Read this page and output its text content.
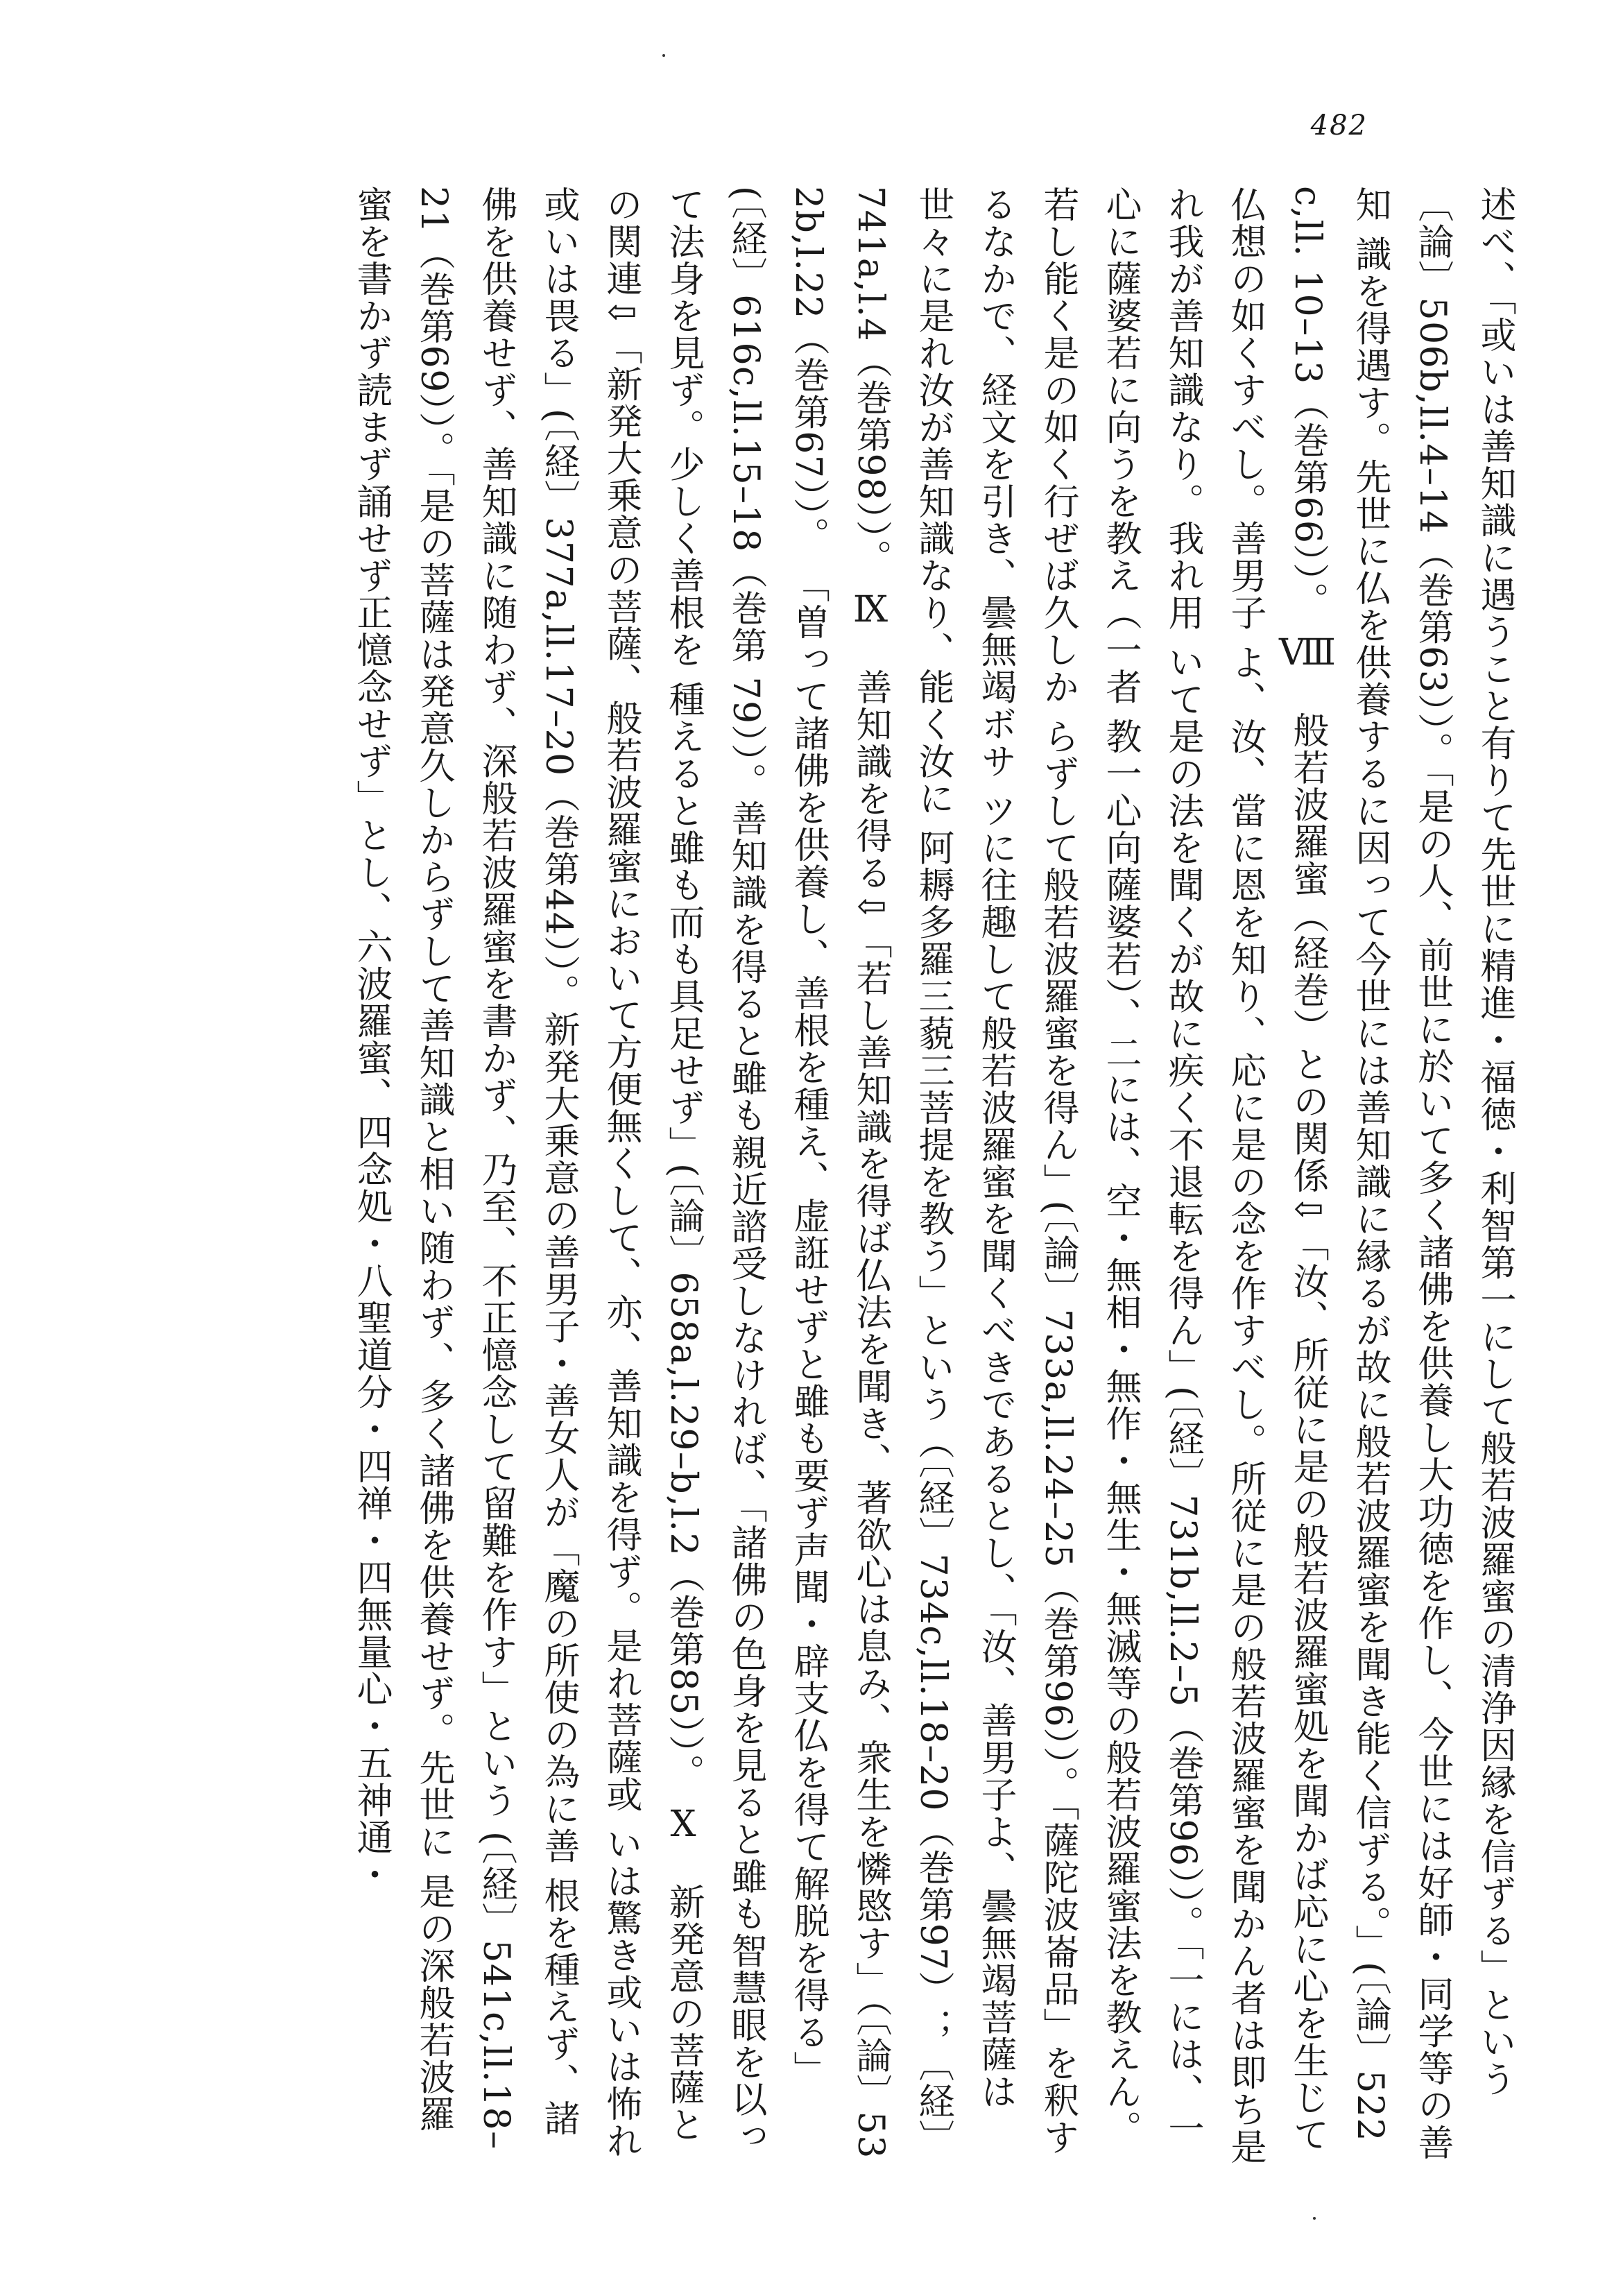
482
述べ、「或いは善知識に遇うこと有りて先世に精進・福徳・利智第一にして般若波羅蜜の清浄因縁を信ずる」という 〔論〕506b,ll.4–14（巻第63））。「是の人、前世に於いて多く諸佛を供養し大功徳を作し、今世には好師・同学等の善知 識を得遇す。先世に仏を供養するに因って今世には善知識に縁るが故に般若波羅蜜を聞き能く信ずる。」(〔論〕522c,ll. 10–13（巻第66））。 Ⅷ　般若波羅蜜（経巻）との関係⇩「汝、所従に是の般若波羅蜜処を聞かば応に心を生じて仏想の如くすべし。善男子 よ、汝、當に恩を知り、応に是の念を作すべし。所従に是の般若波羅蜜を聞かん者は即ち是れ我が善知識なり。我れ用 いて是の法を聞くが故に疾く不退転を得ん」(〔経〕731b,ll.2–5（巻第96））。「一には、一心に薩婆若に向うを教え（一者 教一心向薩婆若）、二には、空・無相・無作・無生・無滅等の般若波羅蜜法を教えん。若し能く是の如く行ぜば久しか らずして般若波羅蜜を得ん」(〔論〕733a,ll.24–25（巻第96））。「薩陀波崙品」を釈するなかで、経文を引き、曇無竭ボサ ツに往趣して般若波羅蜜を聞くべきであるとし、「汝、善男子よ、曇無竭菩薩は世々に是れ汝が善知識なり、能く汝に 阿耨多羅三藐三菩提を教う」という（〔経〕734c,ll.18–20（巻第97）；〔経〕741a,l.4（巻第98））。 Ⅸ　善知識を得る⇩「若し善知識を得ば仏法を聞き、著欲心は息み、衆生を憐愍す」（〔論〕532b,l.22（巻第67））。 「曽って諸佛を供養し、善根を種え、虚誑せずと雖も要ず声聞・辟支仏を得て解脱を得る」(〔経〕616c,ll.15–18（巻第 79））。善知識を得ると雖も親近諮受しなければ、「諸佛の色身を見ると雖も智慧眼を以って法身を見ず。少しく善根を 種えると雖も而も具足せず」(〔論〕658a,l.29–b,l.2（巻第85））。 Ⅹ　新発意の菩薩との関連⇩「新発大乗意の菩薩、般若波羅蜜において方便無くして、亦、善知識を得ず。是れ菩薩或 いは驚き或いは怖れ或いは畏る」(〔経〕377a,ll.17–20（巻第44））。新発大乗意の善男子・善女人が「魔の所使の為に善 根を種えず、諸佛を供養せず、善知識に随わず、深般若波羅蜜を書かず、乃至、不正憶念して留難を作す」という (〔経〕541c,ll.18–21（巻第69））。「是の菩薩は発意久しからずして善知識と相い随わず、多く諸佛を供養せず。先世に 是の深般若波羅蜜を書かず読まず誦せず正憶念せず」とし、六波羅蜜、四念処・八聖道分・四禅・四無量心・五神通・
